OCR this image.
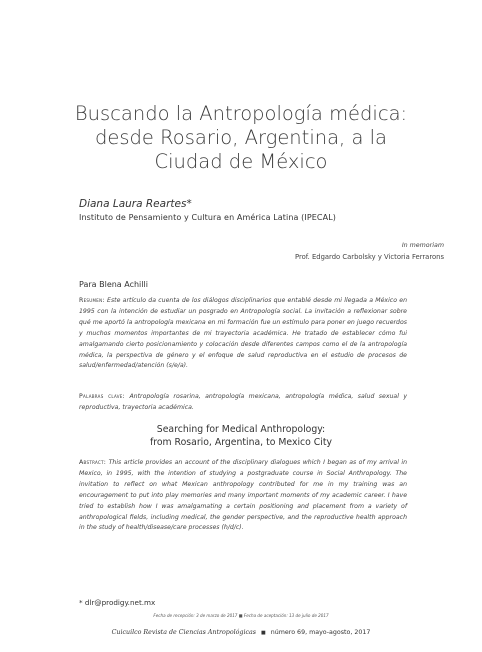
Buscando la Antropología médica:
desde Rosario, Argentina, a la
Ciudad de México
Diana Laura Reartes*
Instituto de Pensamiento y Cultura en América Latina (IPECAL)
In memoriam
Prof. Edgardo Carbolsky y Victoria Ferrarons
Para Blena Achilli
Resumen: Este artículo da cuenta de los diálogos disciplinarios que entablé desde mi llegada a México en 1995 con la intención de estudiar un posgrado en Antropología social. La invitación a reflexionar sobre qué me aportó la antropología mexicana en mi formación fue un estímulo para poner en juego recuerdos y muchos momentos importantes de mi trayectoria académica. He tratado de establecer cómo fui amalgamando cierto posicionamiento y colocación desde diferentes campos como el de la antropología médica, la perspectiva de género y el enfoque de salud reproductiva en el estudio de procesos de salud/enfermedad/atención (s/e/a).
Palabras clave: Antropología rosarina, antropología mexicana, antropología médica, salud sexual y reproductiva, trayectoria académica.
Searching for Medical Anthropology:
from Rosario, Argentina, to Mexico City
Abstract: This article provides an account of the disciplinary dialogues which I began as of my arrival in Mexico, in 1995, with the intention of studying a postgraduate course in Social Anthropology. The invitation to reflect on what Mexican anthropology contributed for me in my training was an encouragement to put into play memories and many important moments of my academic career. I have tried to establish how I was amalgamating a certain positioning and placement from a variety of anthropological fields, including medical, the gender perspective, and the reproductive health approach in the study of health/disease/care processes (h/d/c).
* dlr@prodigy.net.mx
Fecha de recepción: 3 de marzo de 2017 ■ Fecha de aceptación: 13 de julio de 2017
Cuicuilco Revista de Ciencias Antropológicas ■ número 69, mayo-agosto, 2017
